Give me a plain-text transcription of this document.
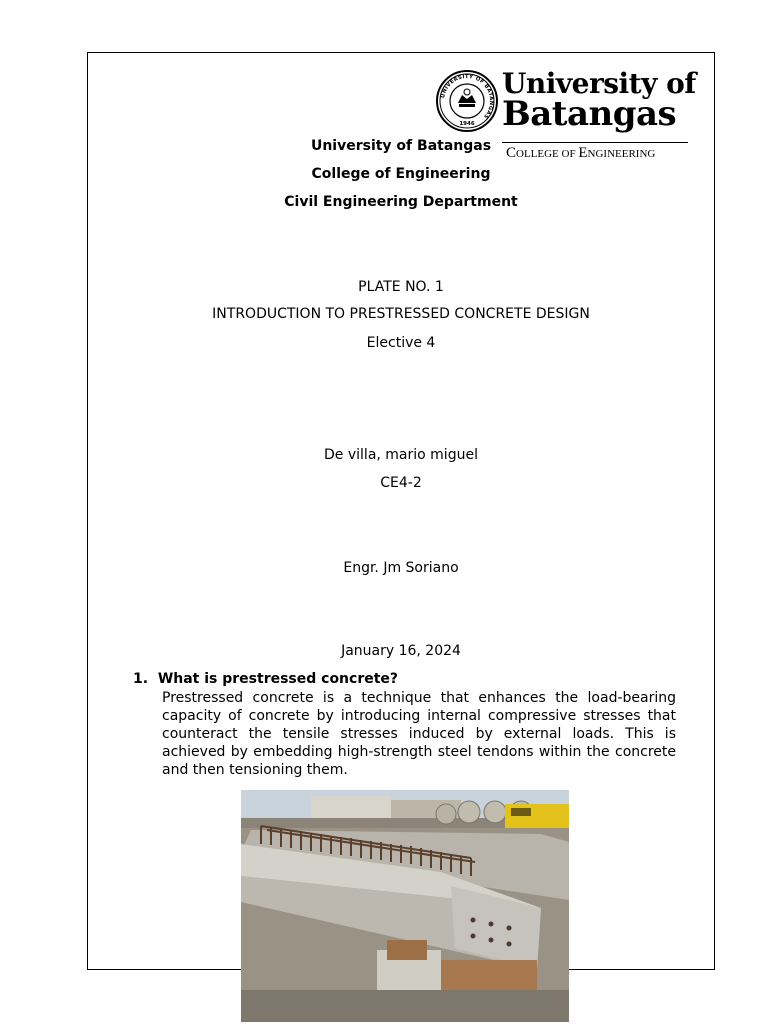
UNIVERSITY OF BATANGAS
1946
University of
Batangas
COLLEGE OF ENGINEERING
University of Batangas
College of Engineering
Civil Engineering Department
PLATE NO. 1
INTRODUCTION TO PRESTRESSED CONCRETE DESIGN
Elective 4
De villa, mario miguel
CE4-2
Engr. Jm Soriano
January 16, 2024
1. What is prestressed concrete?
Prestressed concrete is a technique that enhances the load-bearing capacity of concrete by introducing internal compressive stresses that counteract the tensile stresses induced by external loads. This is achieved by embedding high-strength steel tendons within the concrete and then tensioning them.
